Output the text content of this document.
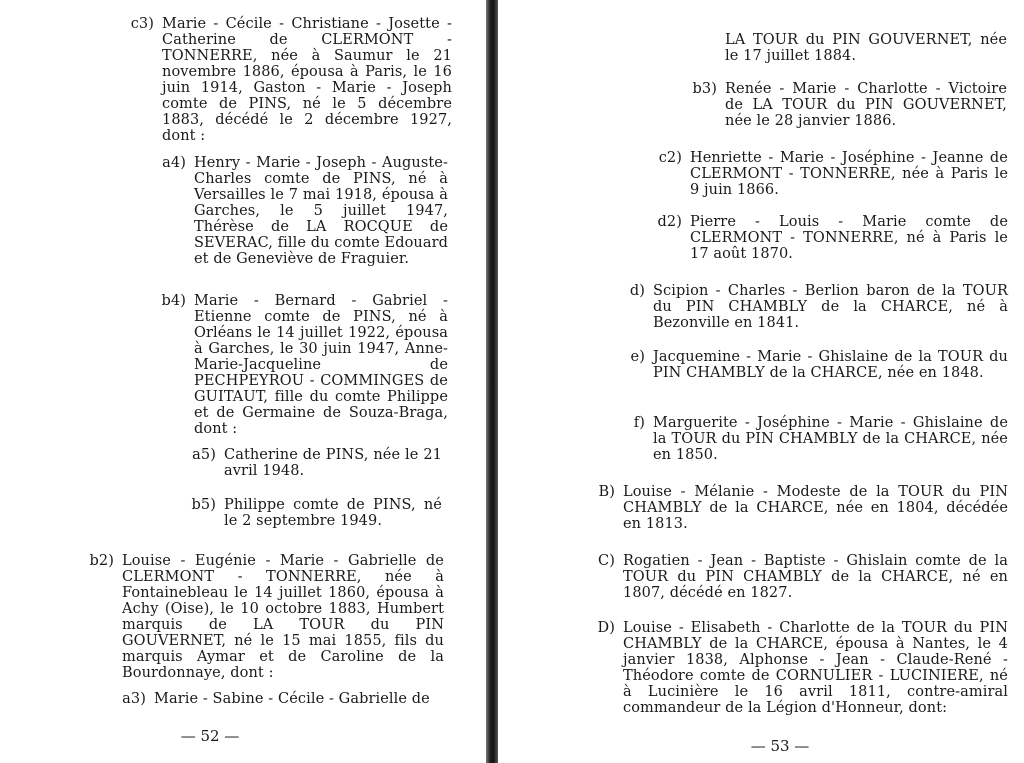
c3) Marie - Cécile - Christiane - Josette - Catherine de CLERMONT - TONNERRE, née à Saumur le 21 novembre 1886, épousa à Paris, le 16 juin 1914, Gaston - Marie - Joseph comte de PINS, né le 5 décembre 1883, décédé le 2 décembre 1927, dont :

a4) Henry - Marie - Joseph - Auguste-Charles comte de PINS, né à Versailles le 7 mai 1918, épousa à Garches, le 5 juillet 1947, Thérèse de LA ROCQUE de SEVERAC, fille du comte Edouard et de Geneviève de Fraguier.

b4) Marie - Bernard - Gabriel - Etienne comte de PINS, né à Orléans le 14 juillet 1922, épousa à Garches, le 30 juin 1947, Anne-Marie-Jacqueline de PECHPEYROU - COMMINGES de GUITAUT, fille du comte Philippe et de Germaine de Souza-Braga, dont :

a5) Catherine de PINS, née le 21 avril 1948.

b5) Philippe comte de PINS, né le 2 septembre 1949.

b2) Louise - Eugénie - Marie - Gabrielle de CLERMONT - TONNERRE, née à Fontainebleau le 14 juillet 1860, épousa à Achy (Oise), le 10 octobre 1883, Humbert marquis de LA TOUR du PIN GOUVERNET, né le 15 mai 1855, fils du marquis Aymar et de Caroline de la Bourdonnaye, dont :

a3) Marie - Sabine - Cécile - Gabrielle de

— 52 —

LA TOUR du PIN GOUVERNET, née le 17 juillet 1884.

b3) Renée - Marie - Charlotte - Victoire de LA TOUR du PIN GOUVERNET, née le 28 janvier 1886.

c2) Henriette - Marie - Joséphine - Jeanne de CLERMONT - TONNERRE, née à Paris le 9 juin 1866.

d2) Pierre - Louis - Marie comte de CLERMONT - TONNERRE, né à Paris le 17 août 1870.

d) Scipion - Charles - Berlion baron de la TOUR du PIN CHAMBLY de la CHARCE, né à Bezonville en 1841.

e) Jacquemine - Marie - Ghislaine de la TOUR du PIN CHAMBLY de la CHARCE, née en 1848.

f) Marguerite - Joséphine - Marie - Ghislaine de la TOUR du PIN CHAMBLY de la CHARCE, née en 1850.

B) Louise - Mélanie - Modeste de la TOUR du PIN CHAMBLY de la CHARCE, née en 1804, décédée en 1813.

C) Rogatien - Jean - Baptiste - Ghislain comte de la TOUR du PIN CHAMBLY de la CHARCE, né en 1807, décédé en 1827.

D) Louise - Elisabeth - Charlotte de la TOUR du PIN CHAMBLY de la CHARCE, épousa à Nantes, le 4 janvier 1838, Alphonse - Jean - Claude-René - Théodore comte de CORNULIER - LUCINIERE, né à Lucinière le 16 avril 1811, contre-amiral commandeur de la Légion d'Honneur, dont:

— 53 —
